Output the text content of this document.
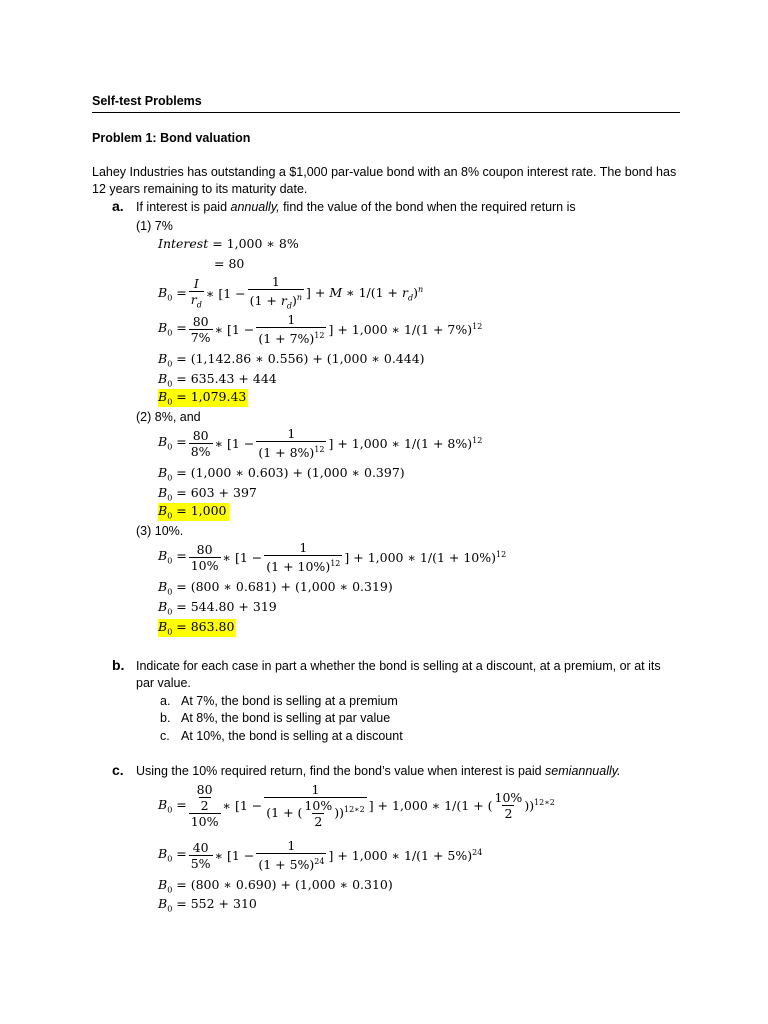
Self-test Problems
Problem 1: Bond valuation
Lahey Industries has outstanding a $1,000 par-value bond with an 8% coupon interest rate. The bond has 12 years remaining to its maturity date.
a. If interest is paid annually, find the value of the bond when the required return is
(1) 7%
Interest = 1,000 ∗ 8%
= 80
$B_0 = \frac{I}{r_d}$ ∗ [$1 - \frac{1}{(1 + r_d)^n}$ ] + M ∗ $1/(1 + r_d)^n$
$B_0 = \frac{80}{7\%}$ ∗ [$1 - \frac{1}{(1 + 7\%)^{12}}$ ] + 1,000 ∗ $1/(1 + 7\%)^{12}$
$B_0 = (1,142.86$ ∗ 0.556) + (1,000 ∗ 0.444)
$B_0 = 635.43 + 444$
$B_0 = 1,079.43$
(2) 8%, and
$B_0 = \frac{80}{8\%}$ ∗ [$1 - \frac{1}{(1 + 8\%)^{12}}$ ] + 1,000 ∗ $1/(1 + 8\%)^{12}$
$B_0 = (1,000$ ∗ 0.603) + (1,000 ∗ 0.397)
$B_0 = 603 + 397$
$B_0 = 1,000$
(3) 10%.
$B_0 = \frac{80}{10\%}$ ∗ [$1 - \frac{1}{(1 + 10\%)^{12}}$ ] + 1,000 ∗ $1/(1 + 10\%)^{12}$
$B_0 = (800$ ∗ 0.681) + (1,000 ∗ 0.319)
$B_0 = 544.80 + 319$
$B_0 = 863.80$
b. Indicate for each case in part a whether the bond is selling at a discount, at a premium, or at its par value.
a. At 7%, the bond is selling at a premium
b. At 8%, the bond is selling at par value
c. At 10%, the bond is selling at a discount
c. Using the 10% required return, find the bond’s value when interest is paid semiannually.
$B_0 = \frac{\frac{80}{2}}{10\%}$ ∗ [$1 - \frac{1}{(1 + ( \frac{10\%}{2} ))^{12∗2}}$ ] + 1,000 ∗ 1/(1 + ( $\frac{10\%}{2} ))^{12∗2}$
$B_0 = \frac{40}{5\%}$ ∗ [$1 - \frac{1}{(1 + 5\%)^{24}}$ ] + 1,000 ∗ $1/(1 + 5\%)^{24}$
$B_0 = (800$ ∗ 0.690) + (1,000 ∗ 0.310)
$B_0 = 552 + 310$
